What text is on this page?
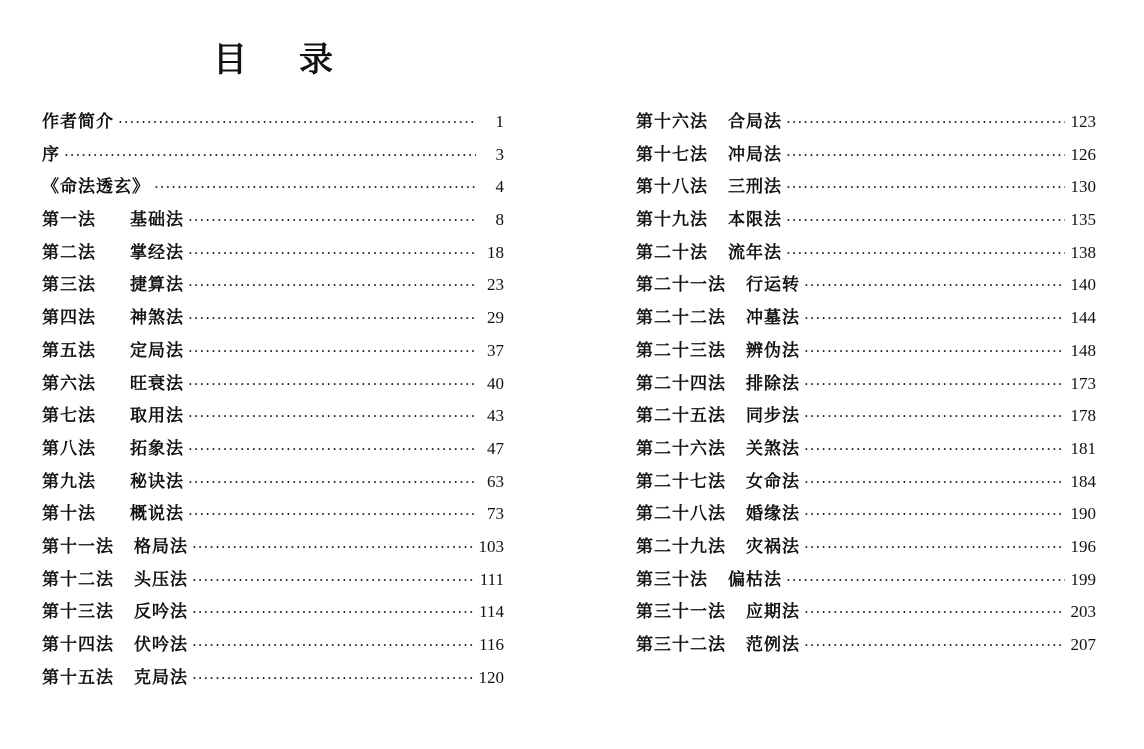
目 录
作者简介 ·····	1
序 ·····	3
《命法透玄》 ·····	4
第一法 基础法 ·····	8
第二法 掌经法 ·····	18
第三法 捷算法 ·····	23
第四法 神煞法 ·····	29
第五法 定局法 ·····	37
第六法 旺衰法 ·····	40
第七法 取用法 ·····	43
第八法 拓象法 ·····	47
第九法 秘诀法 ·····	63
第十法 概说法 ·····	73
第十一法 格局法 ·····	103
第十二法 头压法 ·····	111
第十三法 反吟法 ·····	114
第十四法 伏吟法 ·····	116
第十五法 克局法 ·····	120
第十六法 合局法 ·····	123
第十七法 冲局法 ·····	126
第十八法 三刑法 ·····	130
第十九法 本限法 ·····	135
第二十法 流年法 ·····	138
第二十一法 行运转 ·····	140
第二十二法 冲墓法 ·····	144
第二十三法 辨伪法 ·····	148
第二十四法 排除法 ·····	173
第二十五法 同步法 ·····	178
第二十六法 关煞法 ·····	181
第二十七法 女命法 ·····	184
第二十八法 婚缘法 ·····	190
第二十九法 灾祸法 ·····	196
第三十法 偏枯法 ·····	199
第三十一法 应期法 ·····	203
第三十二法 范例法 ·····	207
